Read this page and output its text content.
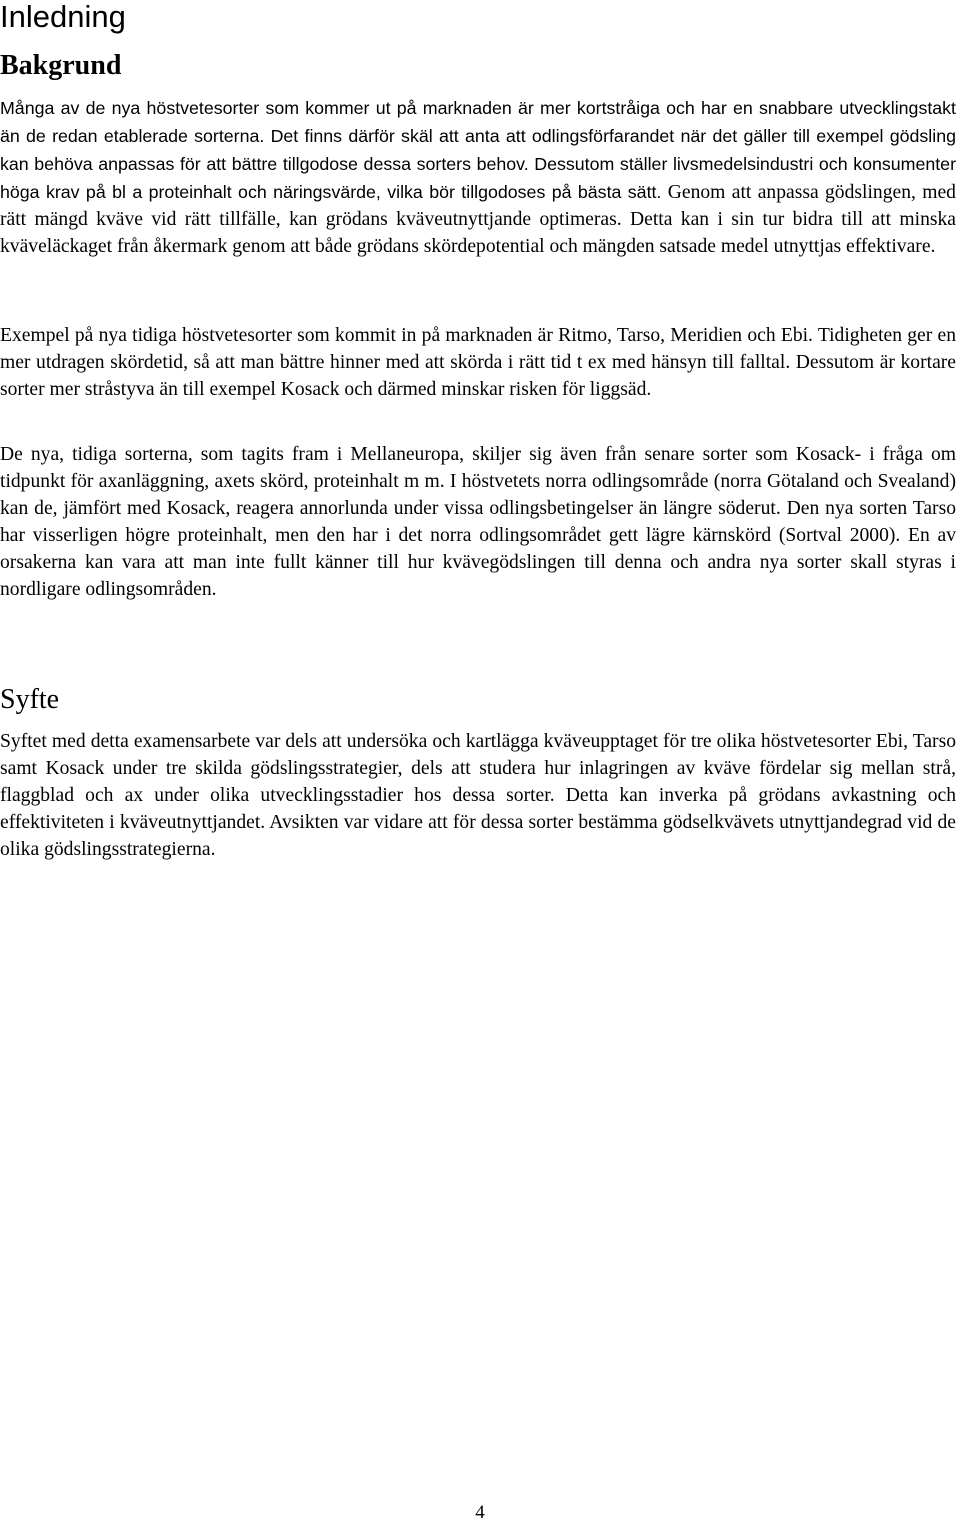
Inledning
Bakgrund

Många av de nya höstvetesorter som kommer ut på marknaden är mer kortstråiga och har en snabbare utvecklingstakt än de redan etablerade sorterna. Det finns därför skäl att anta att odlingsförfarandet när det gäller till exempel gödsling kan behöva anpassas för att bättre tillgodose dessa sorters behov. Dessutom ställer livsmedelsindustri och konsumenter höga krav på bl a proteinhalt och näringsvärde, vilka bör tillgodoses på bästa sätt. Genom att anpassa gödslingen, med rätt mängd kväve vid rätt tillfälle, kan grödans kväveutnyttjande optimeras. Detta kan i sin tur bidra till att minska kväveläckaget från åkermark genom att både grödans skördepotential och mängden satsade medel utnyttjas effektivare.

Exempel på nya tidiga höstvetesorter som kommit in på marknaden är Ritmo, Tarso, Meridien och Ebi. Tidigheten ger en mer utdragen skördetid, så att man bättre hinner med att skörda i rätt tid t ex med hänsyn till falltal. Dessutom är kortare sorter mer stråstyva än till exempel Kosack och därmed minskar risken för liggsäd.

De nya, tidiga sorterna, som tagits fram i Mellaneuropa, skiljer sig även från senare sorter som Kosack- i fråga om tidpunkt för axanläggning, axets skörd, proteinhalt m m. I höstvetets norra odlingsområde (norra Götaland och Svealand) kan de, jämfört med Kosack, reagera annorlunda under vissa odlingsbetingelser än längre söderut. Den nya sorten Tarso har visserligen högre proteinhalt, men den har i det norra odlingsområdet gett lägre kärnskörd (Sortval 2000). En av orsakerna kan vara att man inte fullt känner till hur kvävegödslingen till denna och andra nya sorter skall styras i nordligare odlingsområden.

Syfte

Syftet med detta examensarbete var dels att undersöka och kartlägga kväveupptaget för tre olika höstvetesorter Ebi, Tarso samt Kosack under tre skilda gödslingsstrategier, dels att studera hur inlagringen av kväve fördelar sig mellan strå, flaggblad och ax under olika utvecklingsstadier hos dessa sorter. Detta kan inverka på grödans avkastning och effektiviteten i kväveutnyttjandet. Avsikten var vidare att för dessa sorter bestämma gödselkvävets utnyttjandegrad vid de olika gödslingsstrategierna.

4
